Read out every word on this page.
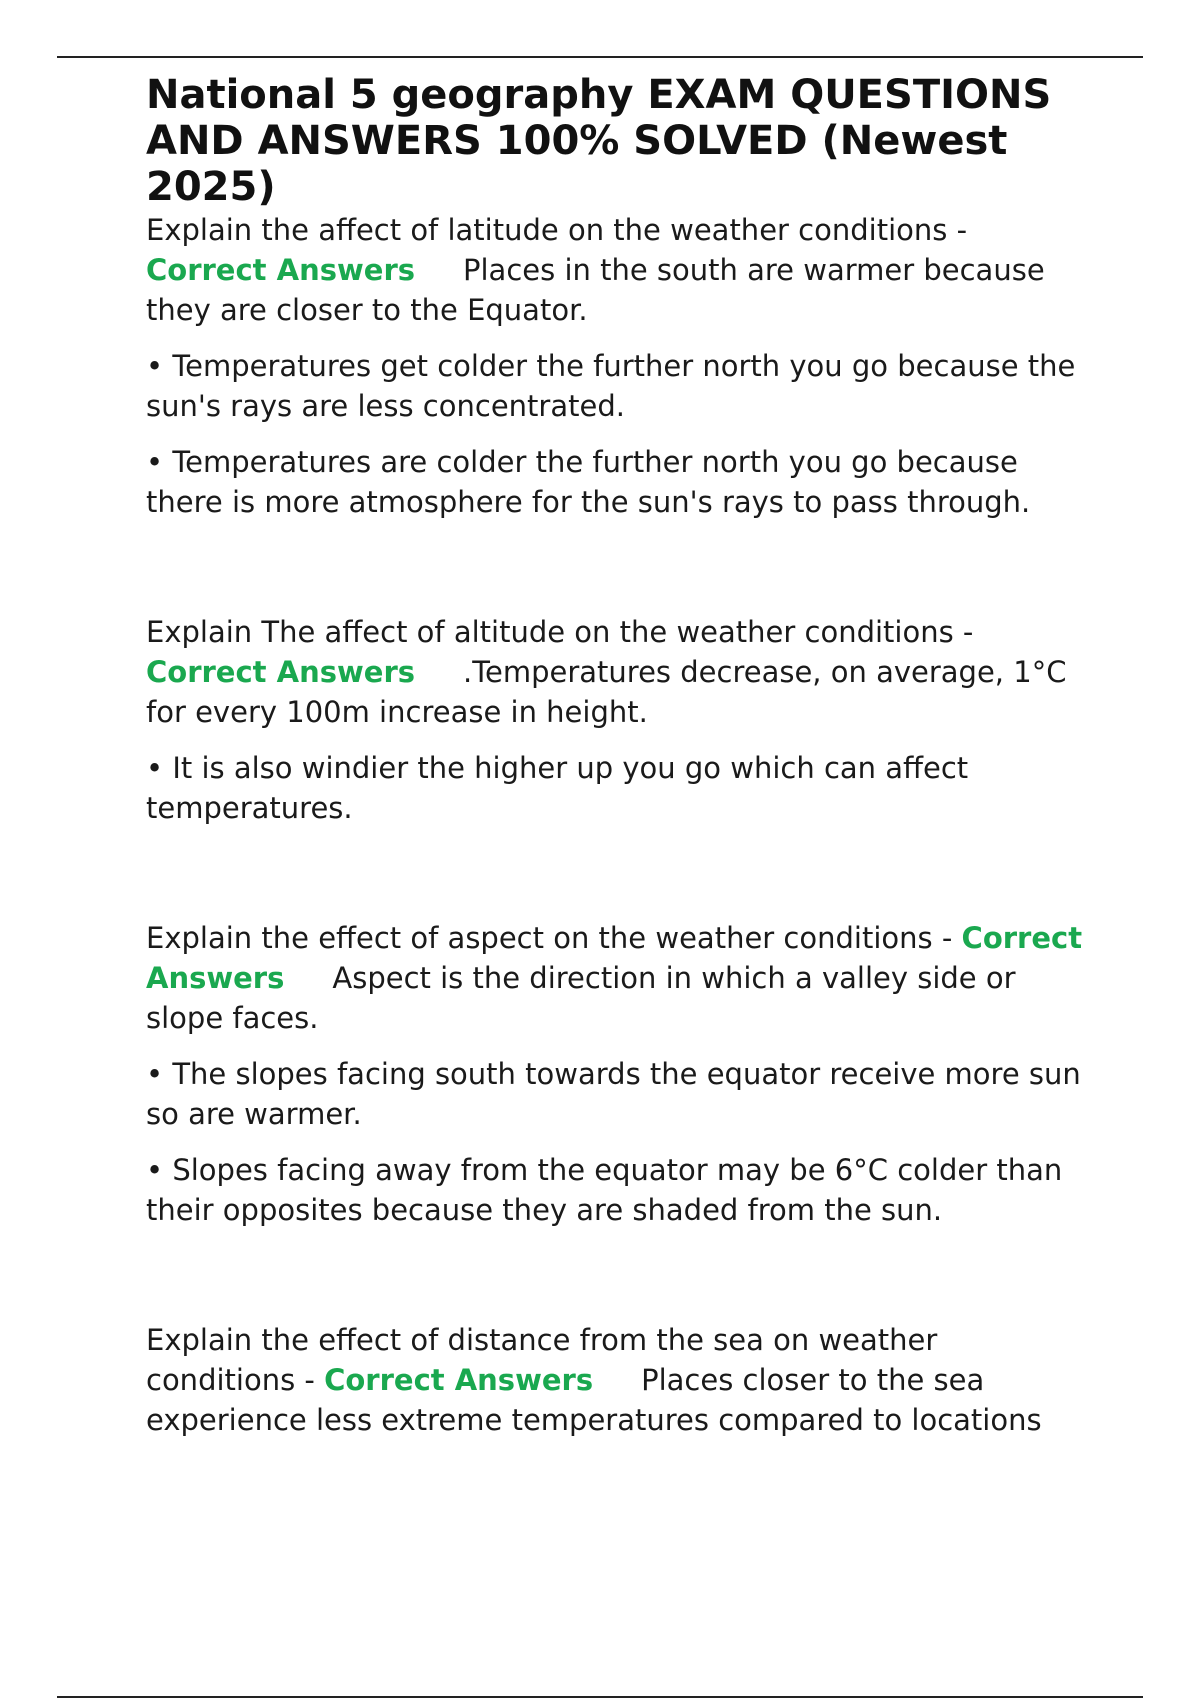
National 5 geography EXAM QUESTIONS AND ANSWERS 100% SOLVED (Newest 2025)

Explain the affect of latitude on the weather conditions - Correct Answers Places in the south are warmer because they are closer to the Equator.

• Temperatures get colder the further north you go because the sun's rays are less concentrated.

• Temperatures are colder the further north you go because there is more atmosphere for the sun's rays to pass through.

Explain The affect of altitude on the weather conditions - Correct Answers .Temperatures decrease, on average, 1°C for every 100m increase in height.

• It is also windier the higher up you go which can affect temperatures.

Explain the effect of aspect on the weather conditions - Correct Answers Aspect is the direction in which a valley side or slope faces.

• The slopes facing south towards the equator receive more sun so are warmer.

• Slopes facing away from the equator may be 6°C colder than their opposites because they are shaded from the sun.

Explain the effect of distance from the sea on weather conditions - Correct Answers Places closer to the sea experience less extreme temperatures compared to locations
